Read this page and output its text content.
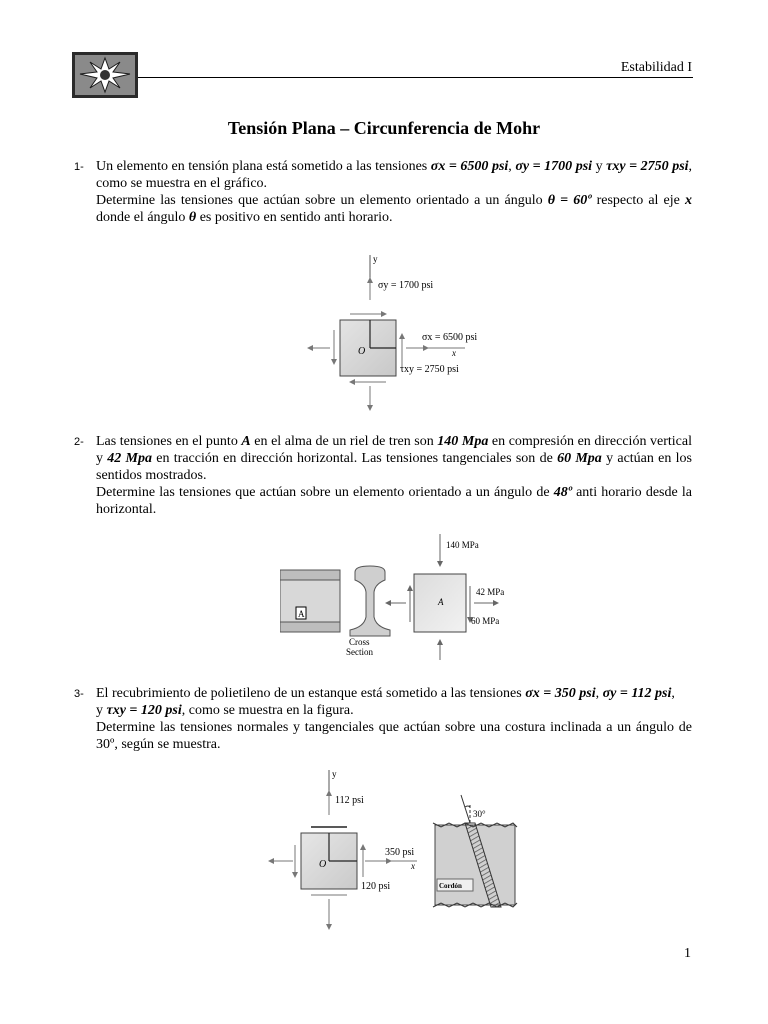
Estabilidad I
Tensión Plana – Circunferencia de Mohr
1- Un elemento en tensión plana está sometido a las tensiones σx = 6500 psi, σy = 1700 psi y τxy = 2750 psi, como se muestra en el gráfico.
Determine las tensiones que actúan sobre un elemento orientado a un ángulo θ = 60º respecto al eje x donde el ángulo θ es positivo en sentido anti horario.
y
σy = 1700 psi
O
σx = 6500 psi
x
τxy = 2750 psi
2- Las tensiones en el punto A en el alma de un riel de tren son 140 Mpa en compresión en dirección vertical y 42 Mpa en tracción en dirección horizontal. Las tensiones tangenciales son de 60 Mpa y actúan en los sentidos mostrados.
Determine las tensiones que actúan sobre un elemento orientado a un ángulo de 48º anti horario desde la horizontal.
A
Cross
Section
A
140 MPa
42 MPa
60 MPa
3- El recubrimiento de polietileno de un estanque está sometido a las tensiones σx = 350 psi, σy = 112 psi,
y τxy = 120 psi, como se muestra en la figura.
Determine las tensiones normales y tangenciales que actúan sobre una costura inclinada a un ángulo de 30º, según se muestra.
y
112 psi
O
350 psi
x
120 psi
30°
Cordón
1
